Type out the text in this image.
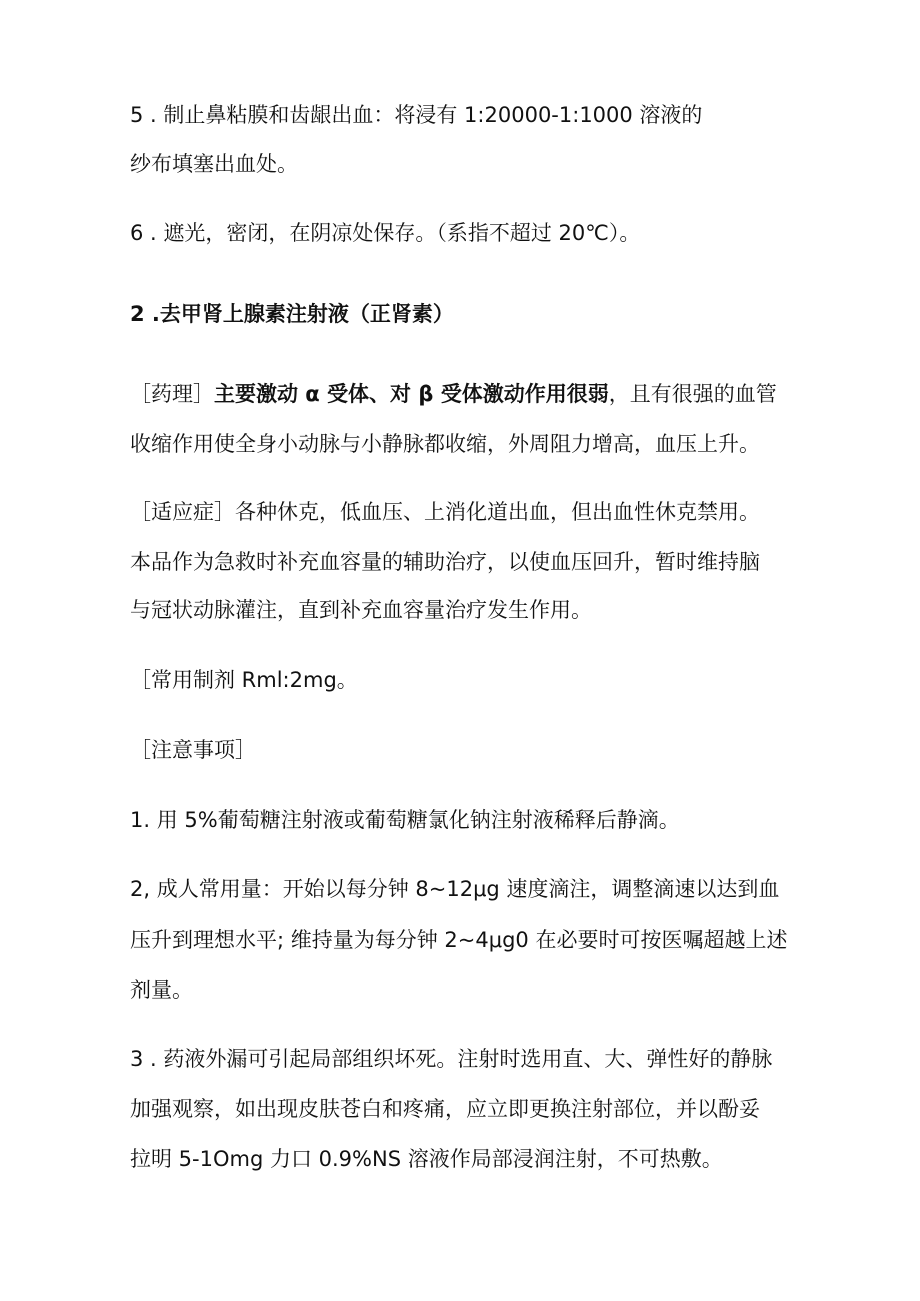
5 . 制止鼻粘膜和齿龈出血：将浸有 1:20000-1:1000 溶液的
纱布填塞出血处。
6 . 遮光，密闭，在阴凉处保存。（系指不超过 20℃）。
2 .去甲肾上腺素注射液（正肾素）
［药理］主要激动 α 受体、对 β 受体激动作用很弱，且有很强的血管
收缩作用使全身小动脉与小静脉都收缩，外周阻力增高，血压上升。
［适应症］各种休克，低血压、上消化道出血，但出血性休克禁用。
本品作为急救时补充血容量的辅助治疗，以使血压回升，暂时维持脑
与冠状动脉灌注，直到补充血容量治疗发生作用。
［常用制剂 Rml:2mg。
［注意事项］
1. 用 5%葡萄糖注射液或葡萄糖氯化钠注射液稀释后静滴。
2, 成人常用量：开始以每分钟 8~12μg 速度滴注，调整滴速以达到血
压升到理想水平; 维持量为每分钟 2~4μg0 在必要时可按医嘱超越上述
剂量。
3 . 药液外漏可引起局部组织坏死。注射时选用直、大、弹性好的静脉
加强观察，如出现皮肤苍白和疼痛，应立即更换注射部位，并以酚妥
拉明 5-1Omg 力口 0.9%NS 溶液作局部浸润注射，不可热敷。
